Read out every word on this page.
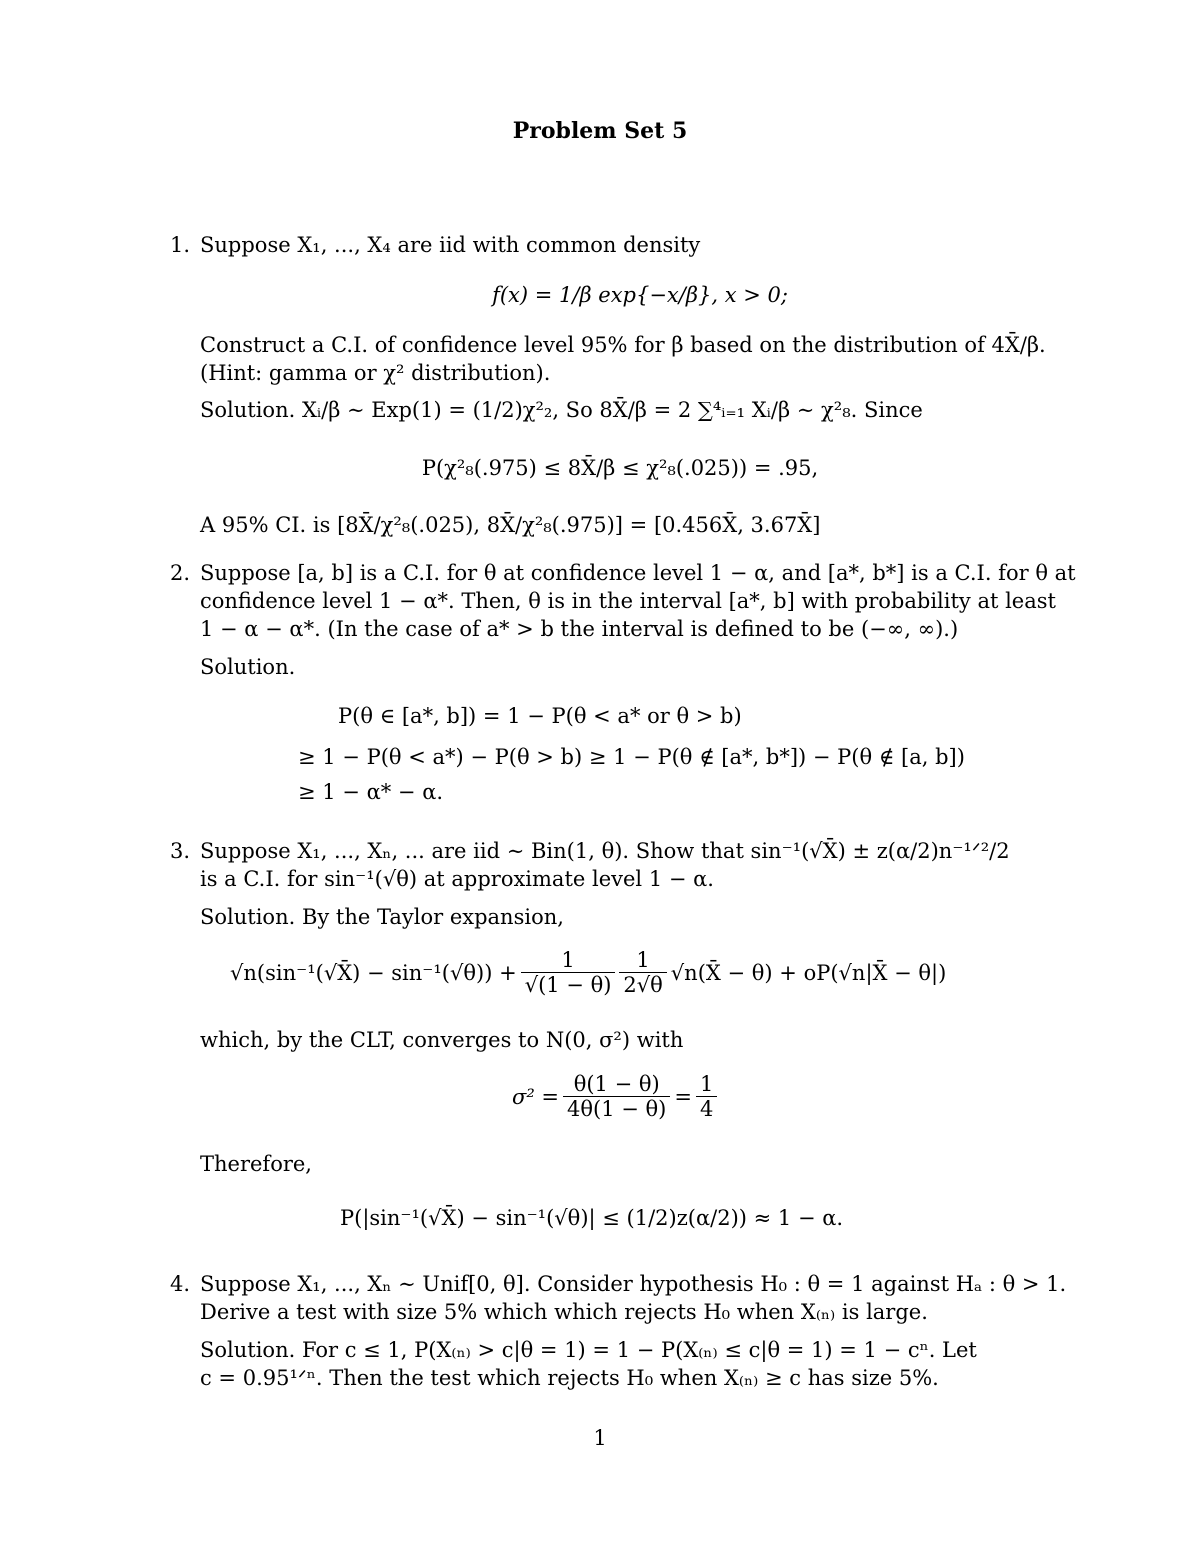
Problem Set 5
1. Suppose X₁, ..., X₄ are iid with common density
f(x) = 1/β exp{−x/β}, x > 0;
Construct a C.I. of confidence level 95% for β based on the distribution of 4X̄/β.
(Hint: gamma or χ² distribution).
Solution. Xᵢ/β ∼ Exp(1) = (1/2)χ²₂, So 8X̄/β = 2 ∑⁴ᵢ₌₁ Xᵢ/β ∼ χ²₈. Since
P(χ²₈(.975) ≤ 8X̄/β ≤ χ²₈(.025)) = .95,
A 95% CI. is [8X̄/χ²₈(.025), 8X̄/χ²₈(.975)] = [0.456X̄, 3.67X̄]
2. Suppose [a, b] is a C.I. for θ at confidence level 1 − α, and [a*, b*] is a C.I. for θ at
confidence level 1 − α*. Then, θ is in the interval [a*, b] with probability at least
1 − α − α*. (In the case of a* > b the interval is defined to be (−∞, ∞).)
Solution.
P(θ ∈ [a*, b]) = 1 − P(θ < a* or θ > b)
≥ 1 − P(θ < a*) − P(θ > b) ≥ 1 − P(θ ∉ [a*, b*]) − P(θ ∉ [a, b])
≥ 1 − α* − α.
3. Suppose X₁, ..., Xₙ, ... are iid ∼ Bin(1, θ). Show that sin⁻¹(√X̄) ± z(α/2)n⁻¹ᐟ²/2
is a C.I. for sin⁻¹(√θ) at approximate level 1 − α.
Solution. By the Taylor expansion,
√n(sin⁻¹(√X̄) − $\sin^{-1}(√\theta)) + \frac{1}{√(1 - \theta)} \frac{1}{2√\theta}$ √n(X̄ − θ) + oP(√n|X̄ − θ|)
which, by the CLT, converges to N(0, σ²) with
$\sigma^2 = \frac{\theta(1 - \theta)}{4\theta(1 - \theta)} = \frac{1}{4}$
Therefore,
P(|sin⁻¹(√X̄) − sin⁻¹(√θ)| ≤ (1/2)z(α/2)) ≈ 1 − α.
4. Suppose X₁, ..., Xₙ ∼ Unif[0, θ]. Consider hypothesis H₀ : θ = 1 against Hₐ : θ > 1.
Derive a test with size 5% which which rejects H₀ when X₍ₙ₎ is large.
Solution. For c ≤ 1, P(X₍ₙ₎ > c|θ = 1) = 1 − P(X₍ₙ₎ ≤ c|θ = 1) = 1 − cⁿ. Let
c = 0.95¹ᐟⁿ. Then the test which rejects H₀ when X₍ₙ₎ ≥ c has size 5%.
1
